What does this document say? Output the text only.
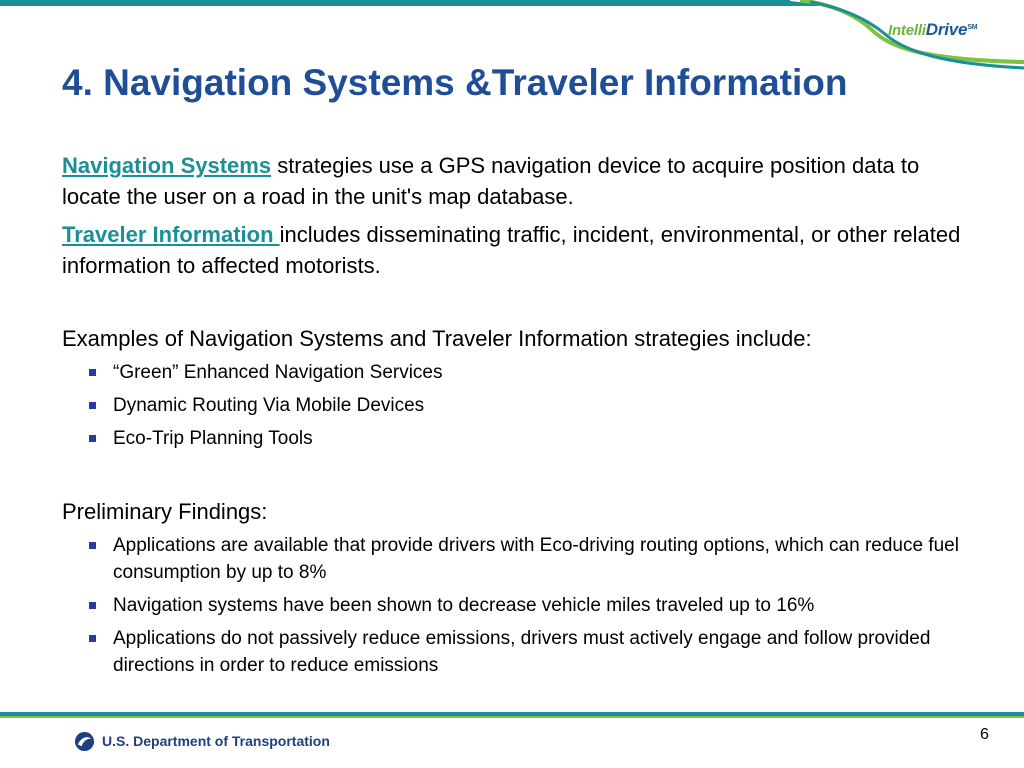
IntelliDrive℠
4. Navigation Systems &Traveler Information
Navigation Systems strategies use a GPS navigation device to acquire position data to locate the user on a road in the unit's map database.
Traveler Information includes disseminating traffic, incident, environmental, or other related information to affected motorists.
Examples of Navigation Systems and Traveler Information strategies include:
“Green” Enhanced Navigation Services
Dynamic Routing Via Mobile Devices
Eco-Trip Planning Tools
Preliminary Findings:
Applications are available that provide drivers with Eco-driving routing options, which can reduce fuel consumption by up to 8%
Navigation systems have been shown to decrease vehicle miles traveled up to 16%
Applications do not passively reduce emissions, drivers must actively engage and follow provided directions in order to reduce emissions
U.S. Department of Transportation	6
